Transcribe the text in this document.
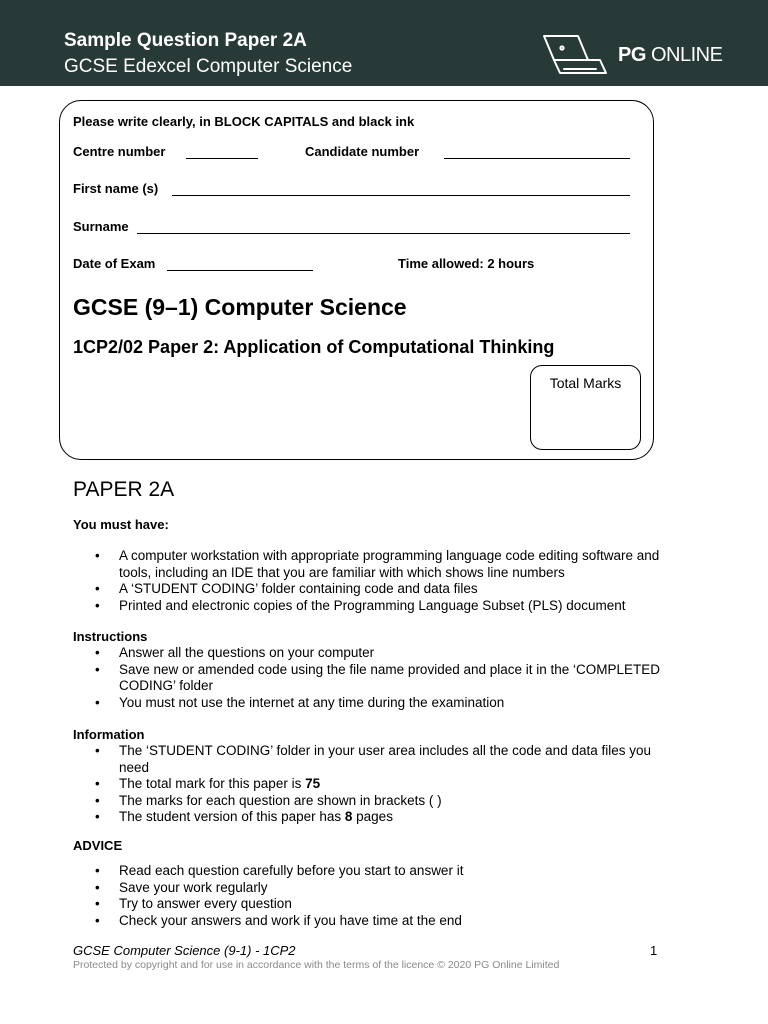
Sample Question Paper 2A
GCSE Edexcel Computer Science
PG ONLINE
Please write clearly, in BLOCK CAPITALS and black ink
Centre number	Candidate number
First name (s)
Surname
Date of Exam	Time allowed: 2 hours
GCSE (9–1) Computer Science
1CP2/02 Paper 2: Application of Computational Thinking
Total Marks
PAPER 2A
You must have:
• A computer workstation with appropriate programming language code editing software and tools, including an IDE that you are familiar with which shows line numbers
• A ‘STUDENT CODING’ folder containing code and data files
• Printed and electronic copies of the Programming Language Subset (PLS) document
Instructions
• Answer all the questions on your computer
• Save new or amended code using the file name provided and place it in the ‘COMPLETED CODING’ folder
• You must not use the internet at any time during the examination
Information
• The ‘STUDENT CODING’ folder in your user area includes all the code and data files you need
• The total mark for this paper is 75
• The marks for each question are shown in brackets ( )
• The student version of this paper has 8 pages
ADVICE
• Read each question carefully before you start to answer it
• Save your work regularly
• Try to answer every question
• Check your answers and work if you have time at the end
GCSE Computer Science (9-1) - 1CP2	1
Protected by copyright and for use in accordance with the terms of the licence © 2020 PG Online Limited
